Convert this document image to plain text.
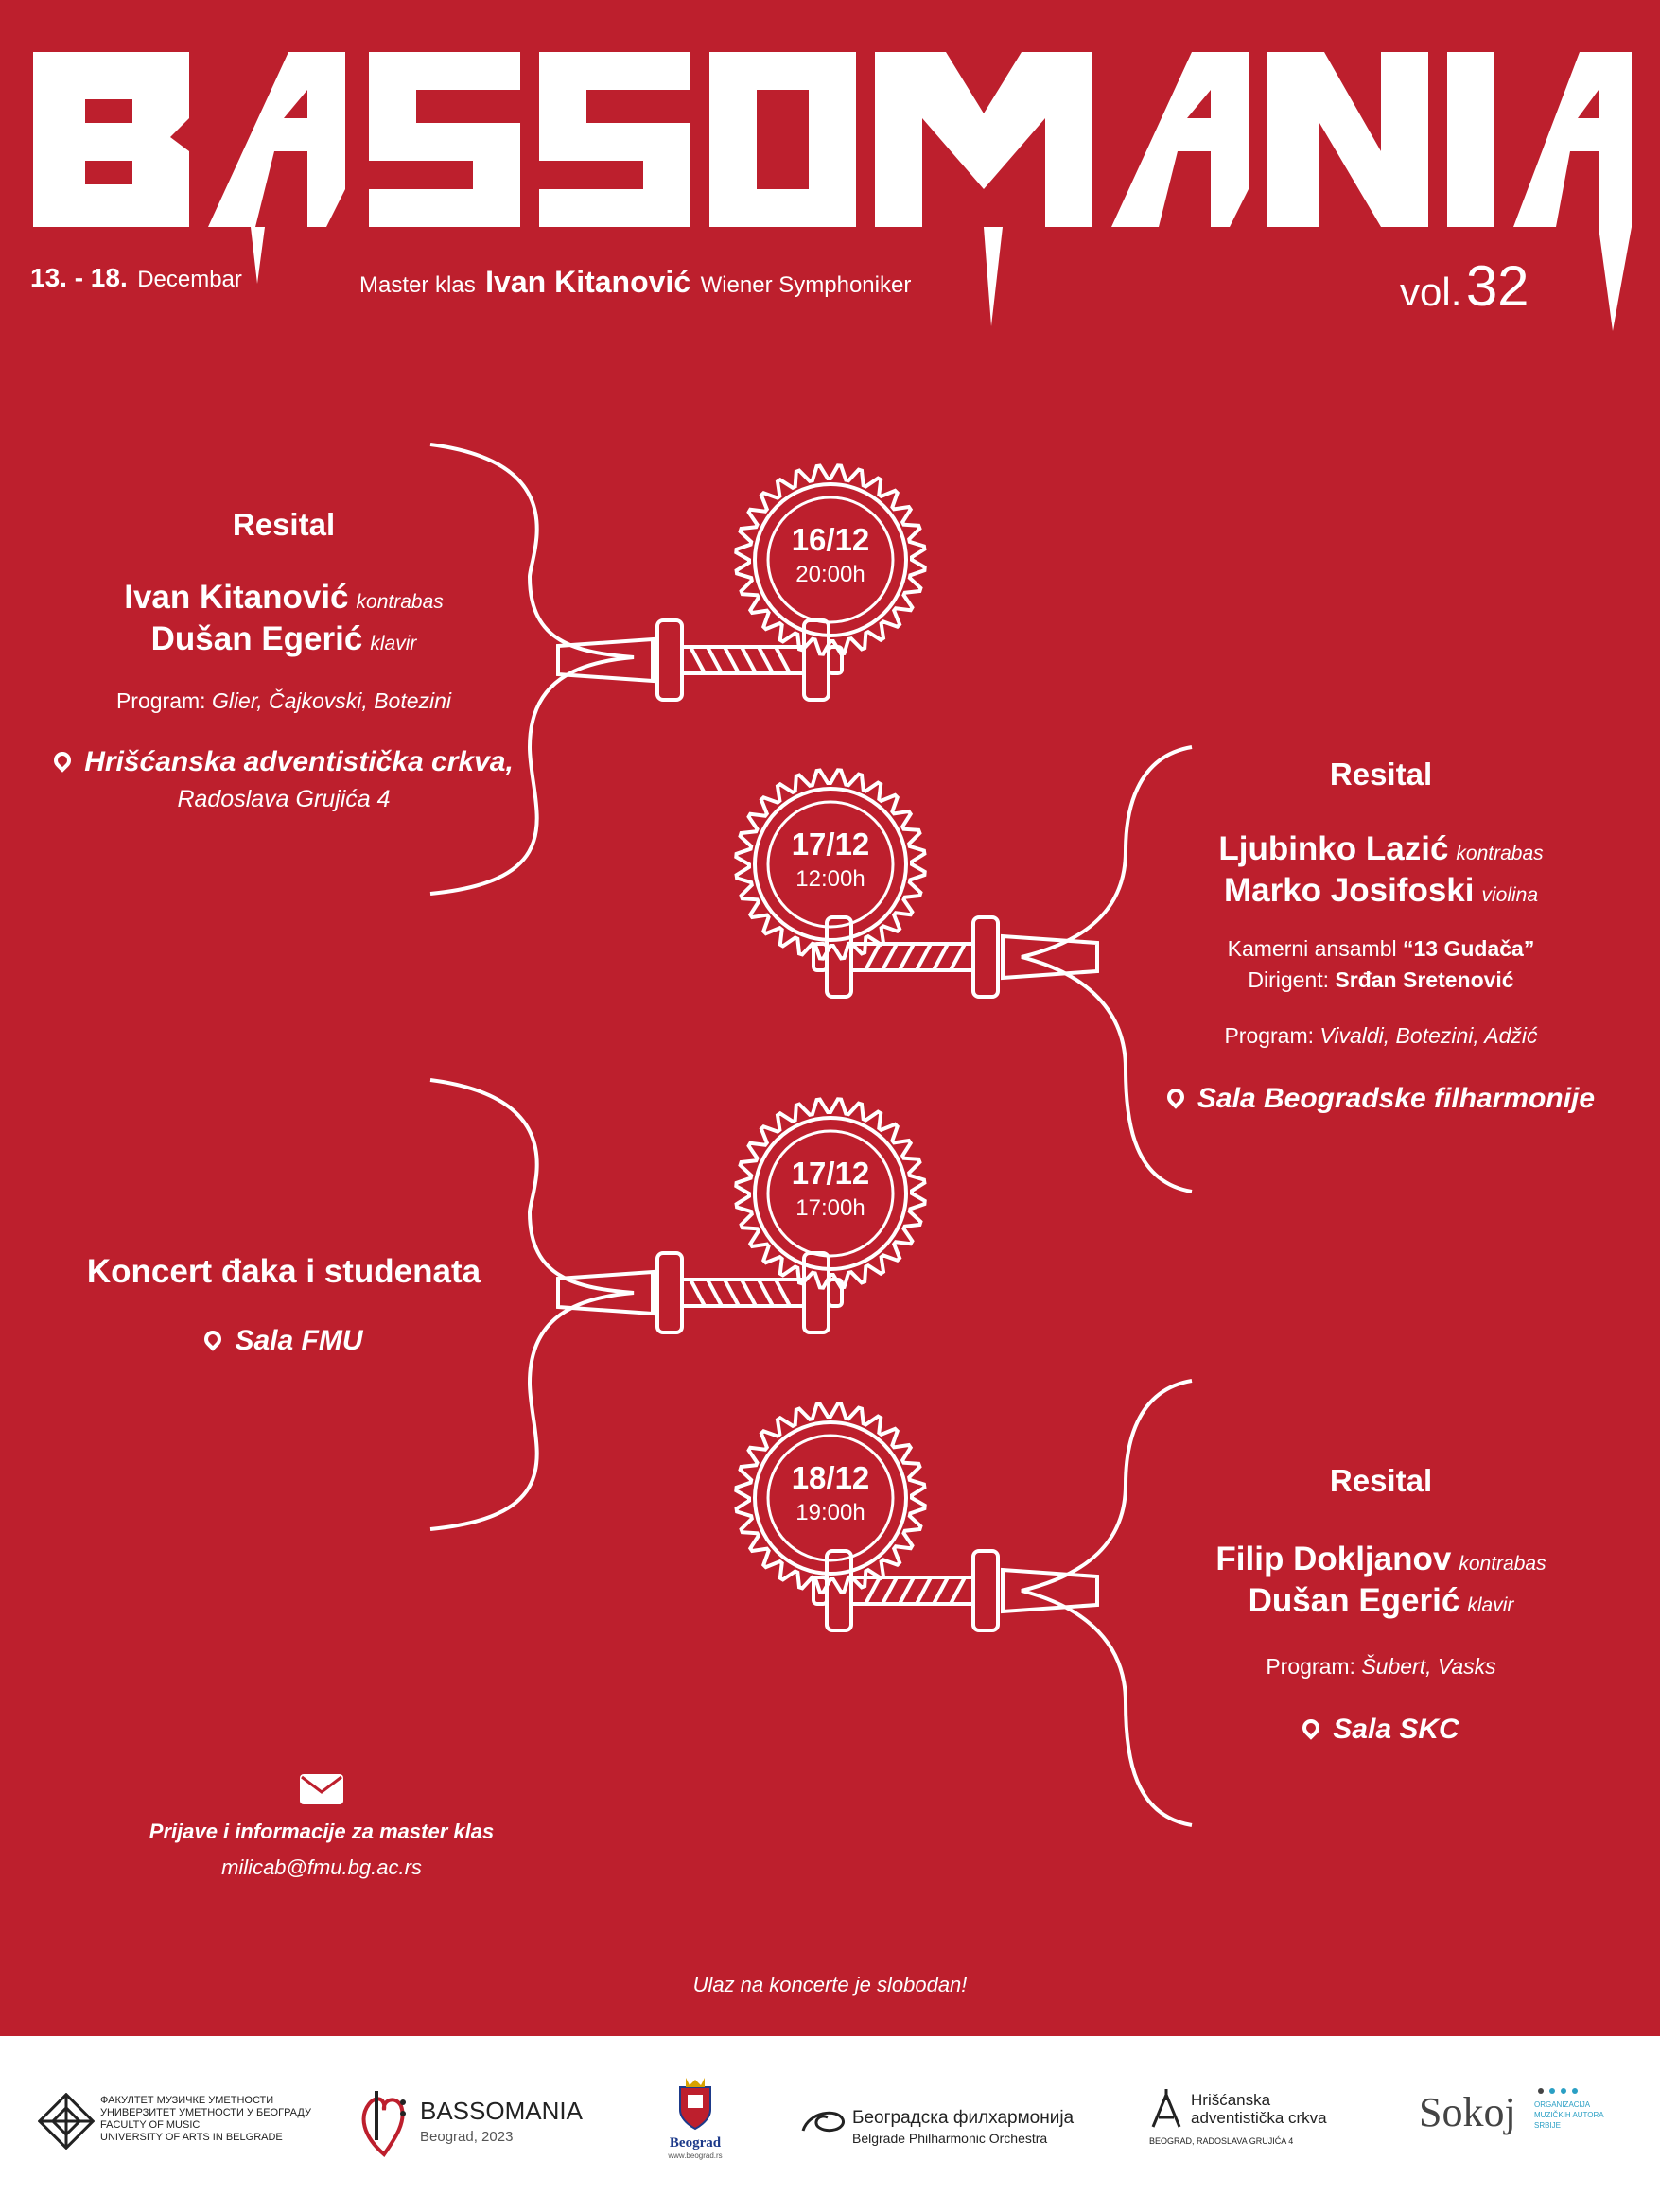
13. - 18. Decembar	Master klas Ivan Kitanović Wiener Symphoniker	vol. 32
16/12
20:00h
17/12
12:00h
17/12
17:00h
18/12
19:00h
Resital
Ivan Kitanović kontrabas
Dušan Egerić klavir
Program: Glier, Čajkovski, Botezini
Hrišćanska adventistička crkva,
Radoslava Grujića 4
Resital
Ljubinko Lazić kontrabas
Marko Josifoski violina
Kamerni ansambl “13 Gudača”
Dirigent: Srđan Sretenović
Program: Vivaldi, Botezini, Adžić
Sala Beogradske filharmonije
Koncert đaka i studenata
Sala FMU
Resital
Filip Dokljanov kontrabas
Dušan Egerić klavir
Program: Šubert, Vasks
Sala SKC
Prijave i informacije za master klas
milicab@fmu.bg.ac.rs
Ulaz na koncerte je slobodan!
ФАКУЛТЕТ МУЗИЧКЕ УМЕТНОСТИ
УНИВЕРЗИТЕТ УМЕТНОСТИ У БЕОГРАДУ
FACULTY OF MUSIC
UNIVERSITY OF ARTS IN BELGRADE
BASSOMANIA
Beograd, 2023	Beograd
www.beograd.rs
Београдска филхармонија
Belgrade Philharmonic Orchestra
Hrišćanska
adventistička crkva
BEOGRAD, RADOSLAVA GRUJIĆA 4
Sokoj ORGANIZACIJA
MUZIČKIH AUTORA
SRBIJE
